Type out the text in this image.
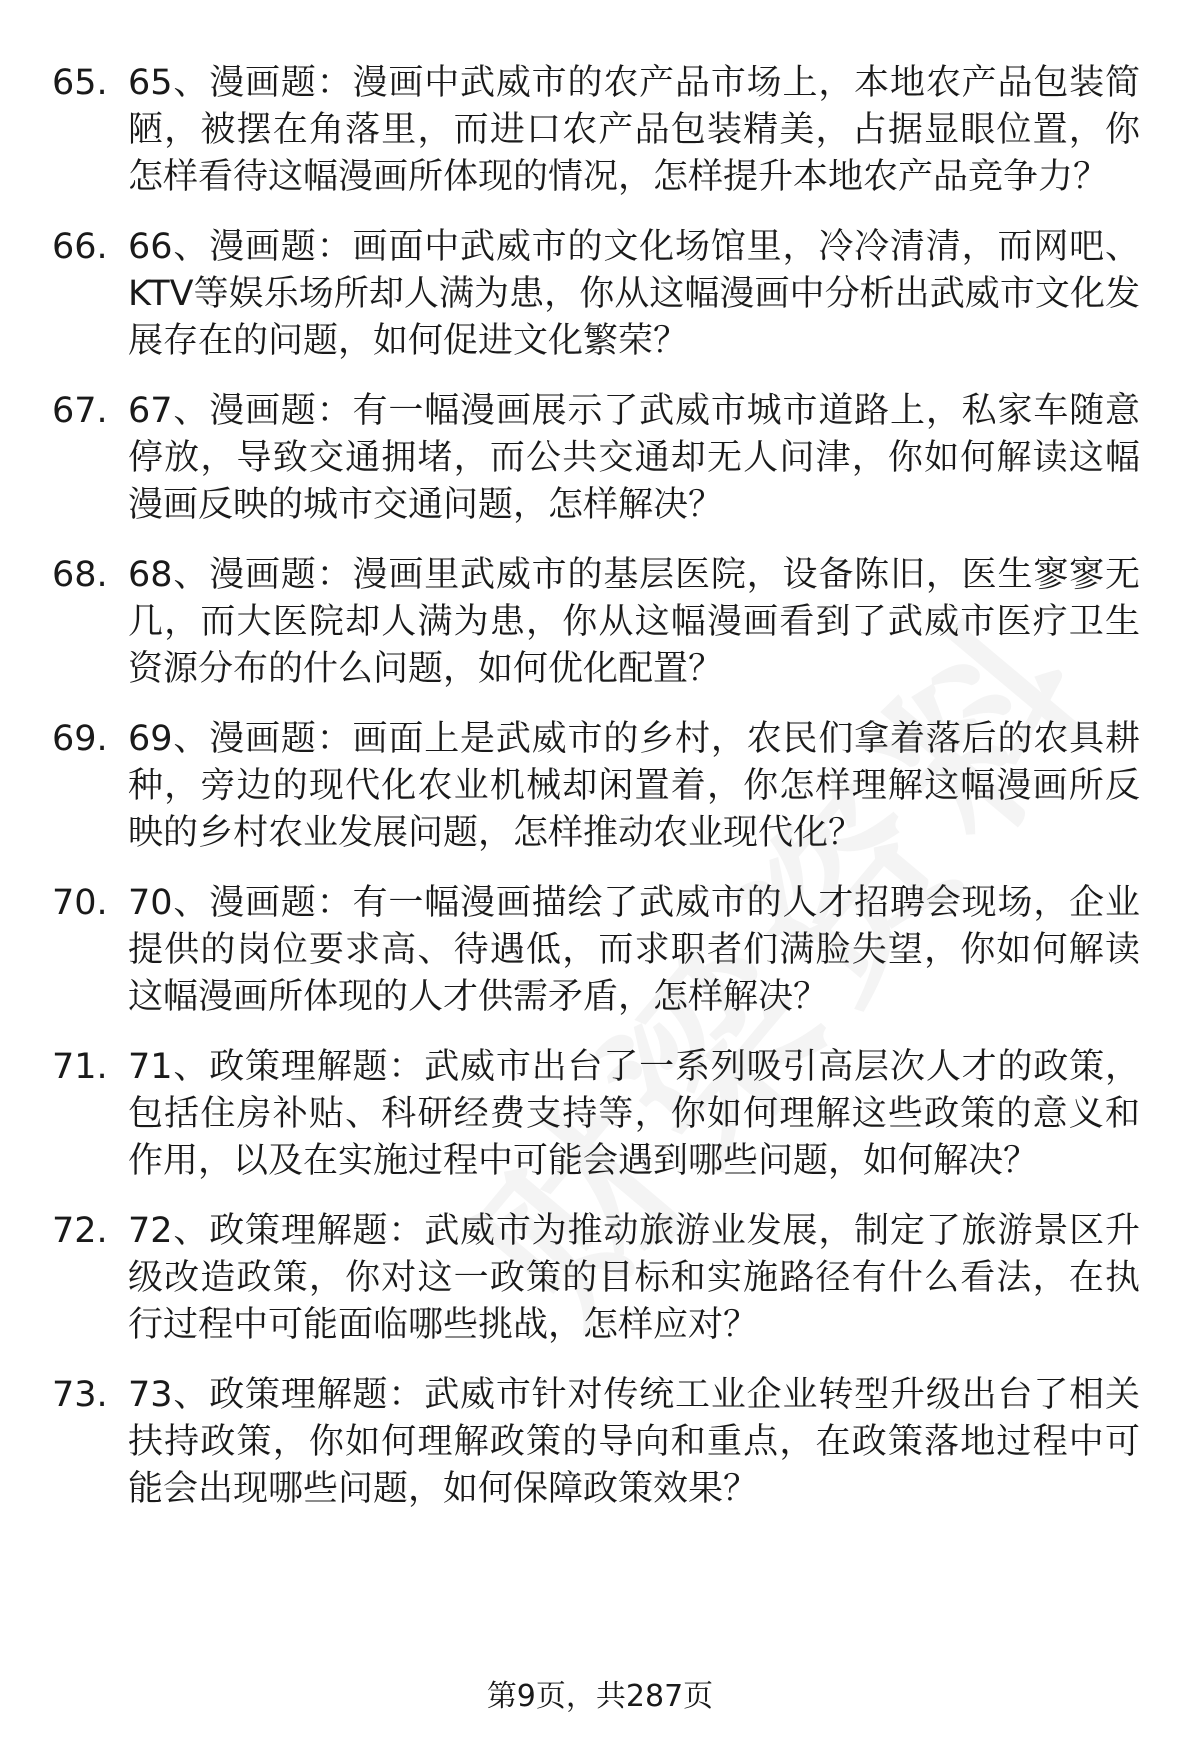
65. 65、漫画题：漫画中武威市的农产品市场上，本地农产品包装简陋，被摆在角落里，而进口农产品包装精美，占据显眼位置，你怎样看待这幅漫画所体现的情况，怎样提升本地农产品竞争力？
66. 66、漫画题：画面中武威市的文化场馆里，冷冷清清，而网吧、KTV等娱乐场所却人满为患，你从这幅漫画中分析出武威市文化发展存在的问题，如何促进文化繁荣？
67. 67、漫画题：有一幅漫画展示了武威市城市道路上，私家车随意停放，导致交通拥堵，而公共交通却无人问津，你如何解读这幅漫画反映的城市交通问题，怎样解决？
68. 68、漫画题：漫画里武威市的基层医院，设备陈旧，医生寥寥无几，而大医院却人满为患，你从这幅漫画看到了武威市医疗卫生资源分布的什么问题，如何优化配置？
69. 69、漫画题：画面上是武威市的乡村，农民们拿着落后的农具耕种，旁边的现代化农业机械却闲置着，你怎样理解这幅漫画所反映的乡村农业发展问题，怎样推动农业现代化？
70. 70、漫画题：有一幅漫画描绘了武威市的人才招聘会现场，企业提供的岗位要求高、待遇低，而求职者们满脸失望，你如何解读这幅漫画所体现的人才供需矛盾，怎样解决？
71. 71、政策理解题：武威市出台了一系列吸引高层次人才的政策，包括住房补贴、科研经费支持等，你如何理解这些政策的意义和作用，以及在实施过程中可能会遇到哪些问题，如何解决？
72. 72、政策理解题：武威市为推动旅游业发展，制定了旅游景区升级改造政策，你对这一政策的目标和实施路径有什么看法，在执行过程中可能面临哪些挑战，怎样应对？
73. 73、政策理解题：武威市针对传统工业企业转型升级出台了相关扶持政策，你如何理解政策的导向和重点，在政策落地过程中可能会出现哪些问题，如何保障政策效果？
第9页，共287页
